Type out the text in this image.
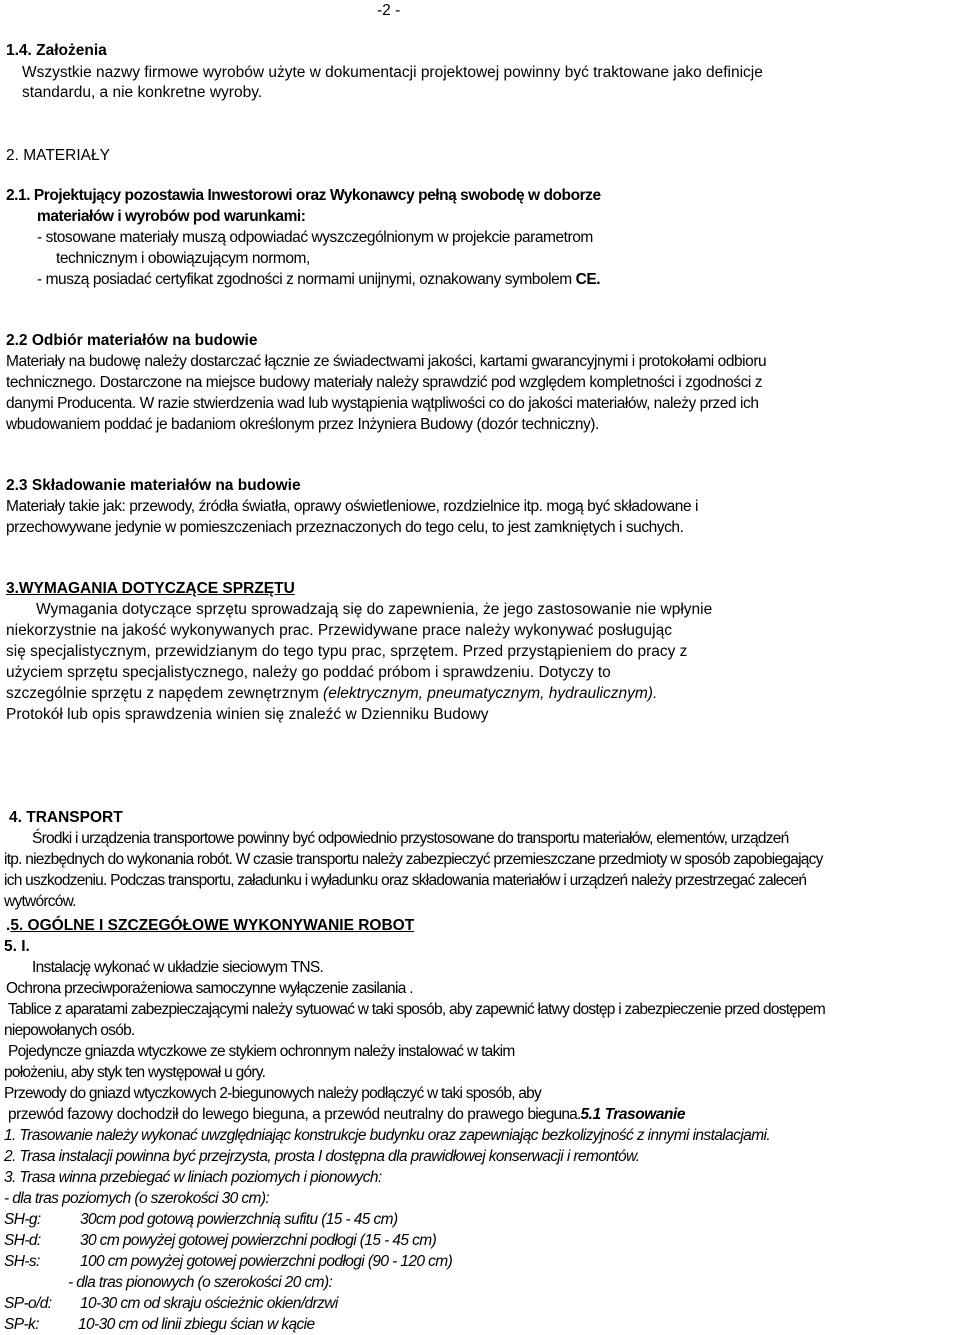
-2 -
1.4. Założenia
Wszystkie nazwy firmowe wyrobów użyte w dokumentacji projektowej powinny być traktowane jako definicje
standardu, a nie konkretne wyroby.
2. MATERIAŁY
2.1. Projektujący pozostawia Inwestorowi oraz Wykonawcy pełną swobodę w doborze
materiałów i wyrobów pod warunkami:
- stosowane materiały muszą odpowiadać wyszczególnionym w projekcie parametrom
technicznym i obowiązującym normom,
- muszą posiadać certyfikat zgodności z normami unijnymi, oznakowany symbolem CE.
2.2 Odbiór materiałów na budowie
Materiały na budowę należy dostarczać łącznie ze świadectwami jakości, kartami gwarancyjnymi i protokołami odbioru
technicznego. Dostarczone na miejsce budowy materiały należy sprawdzić pod względem kompletności i zgodności z
danymi Producenta. W razie stwierdzenia wad lub wystąpienia wątpliwości co do jakości materiałów, należy przed ich
wbudowaniem poddać je badaniom określonym przez Inżyniera Budowy (dozór techniczny).
2.3 Składowanie materiałów na budowie
Materiały takie jak: przewody, źródła światła, oprawy oświetleniowe, rozdzielnice itp. mogą być składowane i
przechowywane jedynie w pomieszczeniach przeznaczonych do tego celu, to jest zamkniętych i suchych.
3.WYMAGANIA DOTYCZĄCE SPRZĘTU
Wymagania dotyczące sprzętu sprowadzają się do zapewnienia, że jego zastosowanie nie wpłynie
niekorzystnie na jakość wykonywanych prac. Przewidywane prace należy wykonywać posługując
się specjalistycznym, przewidzianym do tego typu prac, sprzętem. Przed przystąpieniem do pracy z
użyciem sprzętu specjalistycznego, należy go poddać próbom i sprawdzeniu. Dotyczy to
szczególnie sprzętu z napędem zewnętrznym (elektrycznym, pneumatycznym, hydraulicznym).
Protokół lub opis sprawdzenia winien się znaleźć w Dzienniku Budowy
4. TRANSPORT
Środki i urządzenia transportowe powinny być odpowiednio przystosowane do transportu materiałów, elementów, urządzeń
itp. niezbędnych do wykonania robót. W czasie transportu należy zabezpieczyć przemieszczane przedmioty w sposób zapobiegający
ich uszkodzeniu. Podczas transportu, załadunku i wyładunku oraz składowania materiałów i urządzeń należy przestrzegać zaleceń
wytwórców.
.5. OGÓLNE I SZCZEGÓŁOWE WYKONYWANIE ROBOT
5. I.
Instalację wykonać w układzie sieciowym TNS.
Ochrona przeciwporażeniowa samoczynne wyłączenie zasilania .
Tablice z aparatami zabezpieczającymi należy sytuować w taki sposób, aby zapewnić łatwy dostęp i zabezpieczenie przed dostępem
niepowołanych osób.
Pojedyncze gniazda wtyczkowe ze stykiem ochronnym należy instalować w takim
położeniu, aby styk ten występował u góry.
Przewody do gniazd wtyczkowych 2-biegunowych należy podłączyć w taki sposób, aby
przewód fazowy dochodził do lewego bieguna, a przewód neutralny do prawego bieguna.5.1 Trasowanie
1. Trasowanie należy wykonać uwzględniając konstrukcje budynku oraz zapewniając bezkolizyjność z innymi instalacjami.
2. Trasa instalacji powinna być przejrzysta, prosta I dostępna dla prawidłowej konserwacji i remontów.
3. Trasa winna przebiegać w liniach poziomych i pionowych:
- dla tras poziomych (o szerokości 30 cm):
SH-g:	30cm pod gotową powierzchnią sufitu (15 - 45 cm)
SH-d:	30 cm powyżej gotowej powierzchni podłogi (15 - 45 cm)
SH-s:	100 cm powyżej gotowej powierzchni podłogi (90 - 120 cm)
- dla tras pionowych (o szerokości 20 cm):
SP-o/d: 10-30 cm od skraju ościeżnic okien/drzwi
SP-k:	10-30 cm od linii zbiegu ścian w kącie
